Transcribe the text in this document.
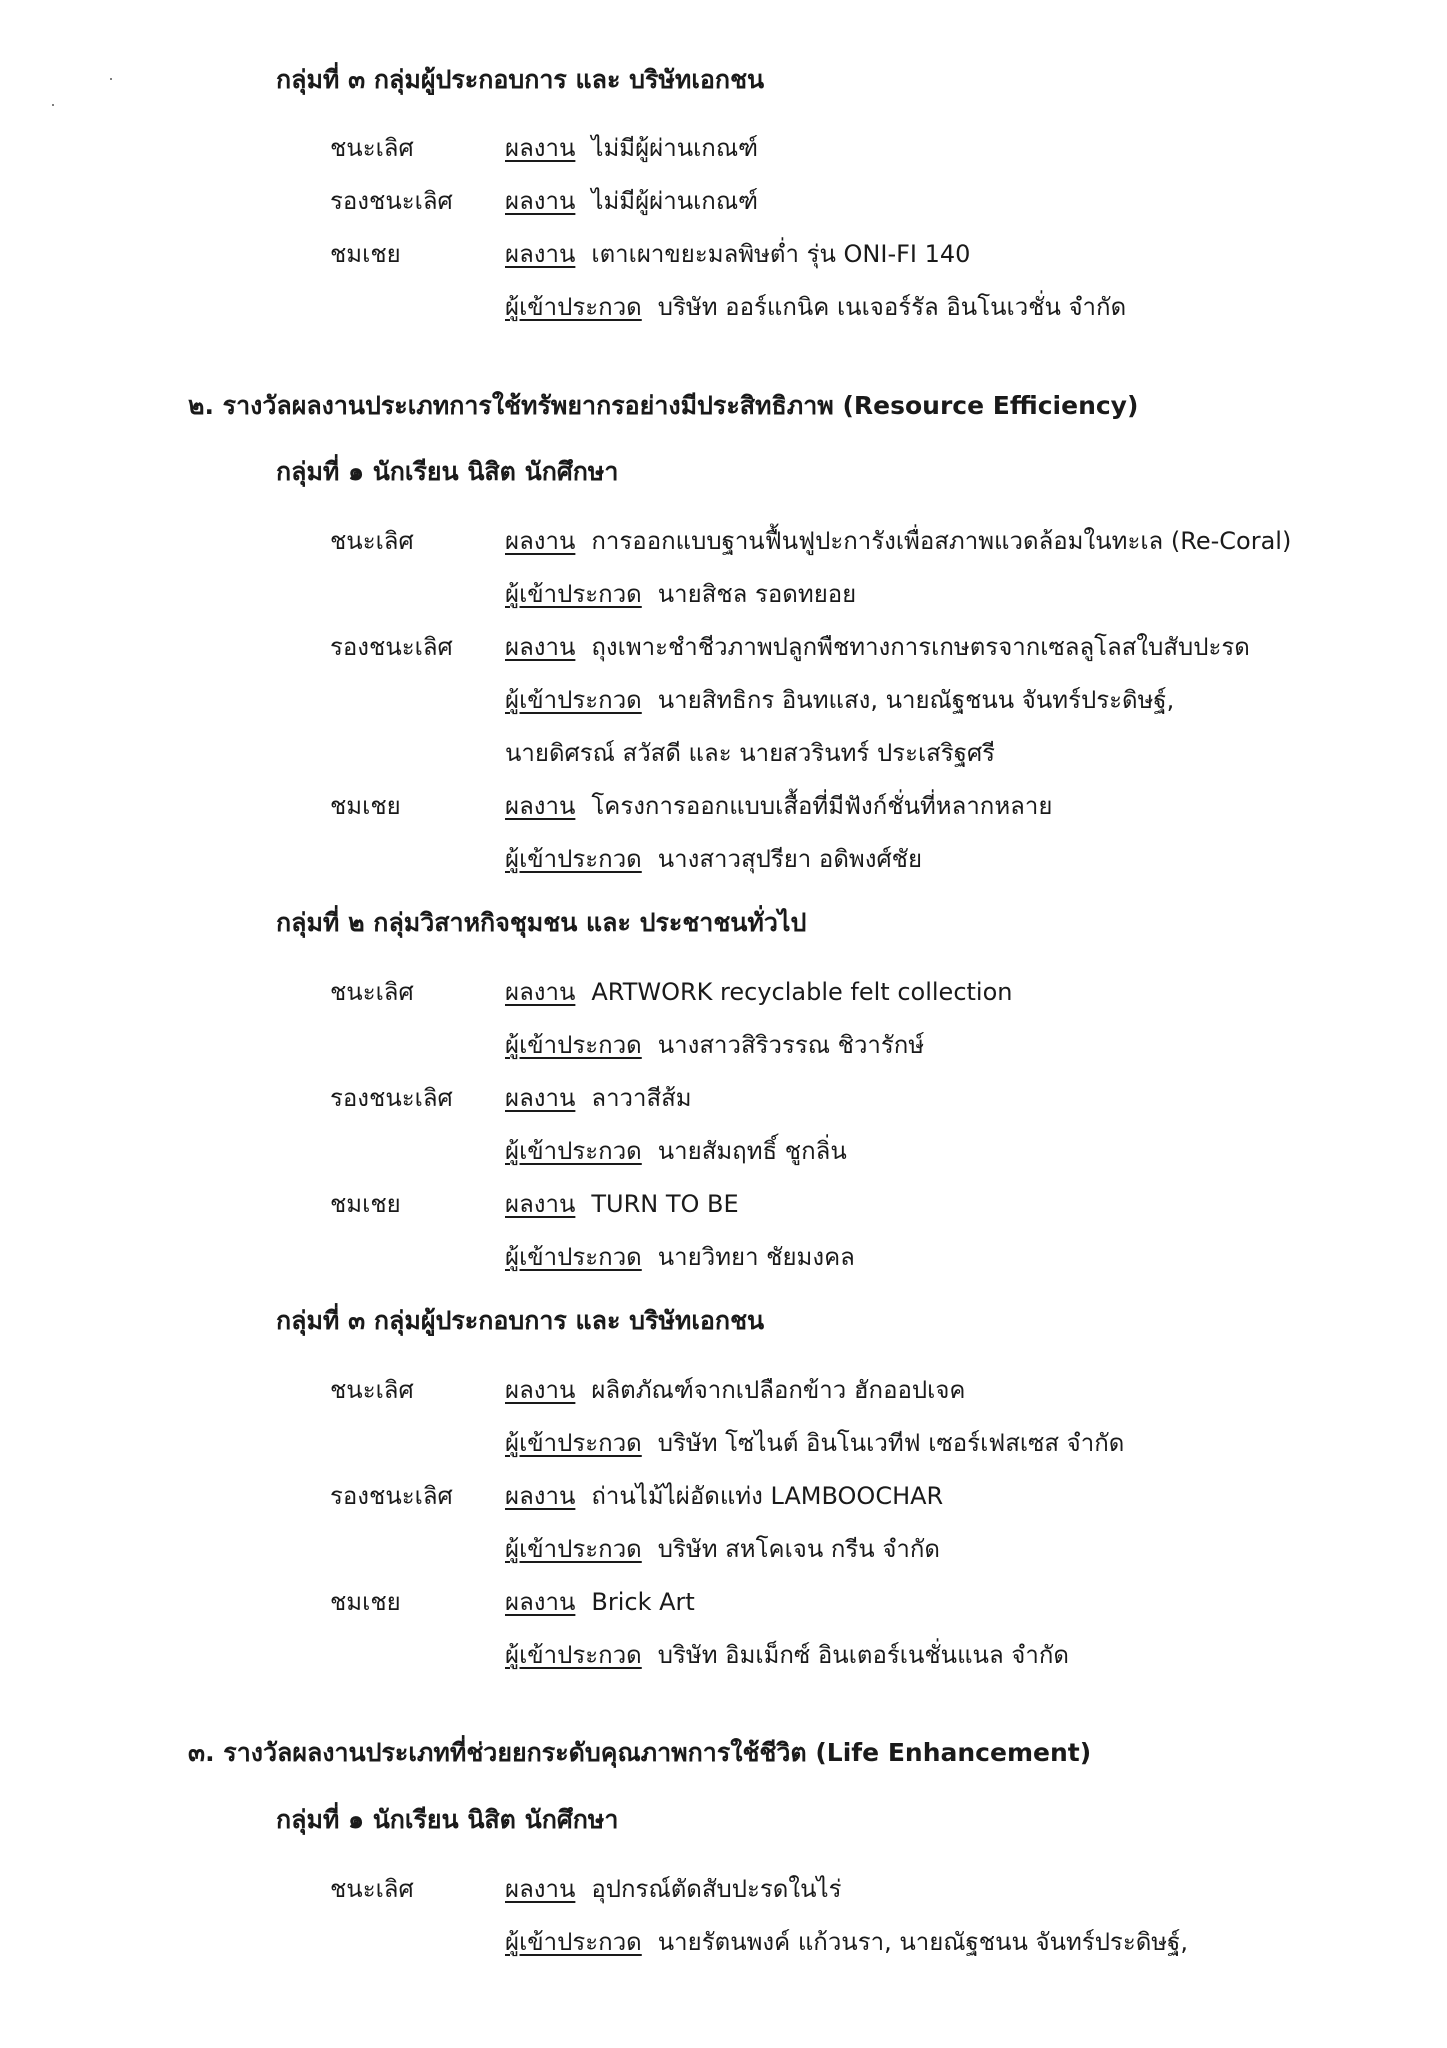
กลุ่มที่ ๓ กลุ่มผู้ประกอบการ และ บริษัทเอกชน
ชนะเลิศ	ผลงาน ไม่มีผู้ผ่านเกณฑ์
รองชนะเลิศ ผลงาน ไม่มีผู้ผ่านเกณฑ์
ชมเชย	ผลงาน เตาเผาขยะมลพิษต่ำ รุ่น ONI-FI 140
ผู้เข้าประกวด บริษัท ออร์แกนิค เนเจอร์รัล อินโนเวชั่น จำกัด
๒. รางวัลผลงานประเภทการใช้ทรัพยากรอย่างมีประสิทธิภาพ (Resource Efficiency)
กลุ่มที่ ๑ นักเรียน นิสิต นักศึกษา
ชนะเลิศ	ผลงาน การออกแบบฐานฟื้นฟูปะการังเพื่อสภาพแวดล้อมในทะเล (Re-Coral)
ผู้เข้าประกวด นายสิชล รอดทยอย
รองชนะเลิศ ผลงาน ถุงเพาะชำชีวภาพปลูกพืชทางการเกษตรจากเซลลูโลสใบสับปะรด
ผู้เข้าประกวด นายสิทธิกร อินทแสง, นายณัฐชนน จันทร์ประดิษฐ์,
นายดิศรณ์ สวัสดี และ นายสวรินทร์ ประเสริฐศรี
ชมเชย	ผลงาน โครงการออกแบบเสื้อที่มีฟังก์ชั่นที่หลากหลาย
ผู้เข้าประกวด นางสาวสุปรียา อดิพงศ์ชัย
กลุ่มที่ ๒ กลุ่มวิสาหกิจชุมชน และ ประชาชนทั่วไป
ชนะเลิศ	ผลงาน ARTWORK recyclable felt collection
ผู้เข้าประกวด นางสาวสิริวรรณ ชิวารักษ์
รองชนะเลิศ ผลงาน ลาวาสีส้ม
ผู้เข้าประกวด นายสัมฤทธิ์ ชูกลิ่น
ชมเชย	ผลงาน TURN TO BE
ผู้เข้าประกวด นายวิทยา ชัยมงคล
กลุ่มที่ ๓ กลุ่มผู้ประกอบการ และ บริษัทเอกชน
ชนะเลิศ	ผลงาน ผลิตภัณฑ์จากเปลือกข้าว ฮักออปเจค
ผู้เข้าประกวด บริษัท โซไนต์ อินโนเวทีฟ เซอร์เฟสเซส จำกัด
รองชนะเลิศ ผลงาน ถ่านไม้ไผ่อัดแท่ง LAMBOOCHAR
ผู้เข้าประกวด บริษัท สหโคเจน กรีน จำกัด
ชมเชย	ผลงาน Brick Art
ผู้เข้าประกวด บริษัท อิมเม็กซ์ อินเตอร์เนชั่นแนล จำกัด
๓. รางวัลผลงานประเภทที่ช่วยยกระดับคุณภาพการใช้ชีวิต (Life Enhancement)
กลุ่มที่ ๑ นักเรียน นิสิต นักศึกษา
ชนะเลิศ	ผลงาน อุปกรณ์ตัดสับปะรดในไร่
ผู้เข้าประกวด นายรัตนพงค์ แก้วนรา, นายณัฐชนน จันทร์ประดิษฐ์,
